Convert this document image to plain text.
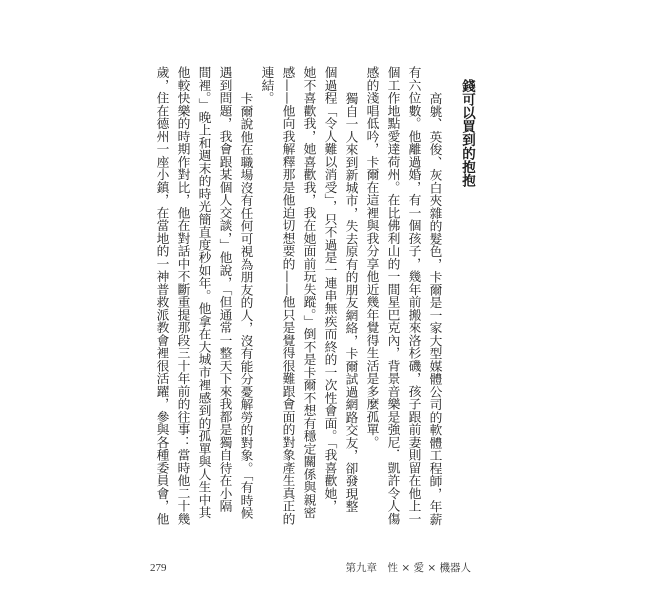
錢可以買到的抱抱
高䠷、英俊、灰白夾雜的髮色，卡爾是一家大型媒體公司的軟體工程師，年薪
有六位數。他離過婚，有一個孩子，幾年前搬來洛杉磯，孩子跟前妻則留在他上一
個工作地點愛達荷州。在比佛利山的一間星巴克內，背景音樂是強尼．凱許令人傷
感的淺唱低吟，卡爾在這裡與我分享他近幾年覺得生活是多麼孤單。
獨自一人來到新城市，失去原有的朋友網絡，卡爾試過網路交友，卻發現整
個過程「令人難以消受」，只不過是一連串無疾而終的一次性會面。「我喜歡她，
她不喜歡我，她喜歡我，我在她面前玩失蹤。」倒不是卡爾不想有穩定關係與親密
感——他向我解釋那是他迫切想要的——他只是覺得很難跟會面的對象產生真正的
連結。
卡爾說他在職場沒有任何可視為朋友的人，沒有能分憂解勞的對象。「有時候
遇到問題，我會跟某個人交談，」他說，「但通常一整天下來我都是獨自待在小隔
間裡。」晚上和週末的時光簡直度秒如年。他拿在大城市裡感到的孤單與人生中其
他較快樂的時期作對比，他在對話中不斷重提那段三十年前的往事：當時他二十幾
歲，住在德州一座小鎮，在當地的一神普救派教會裡很活躍，參與各種委員會，他
279	第九章　性 × 愛 × 機器人
